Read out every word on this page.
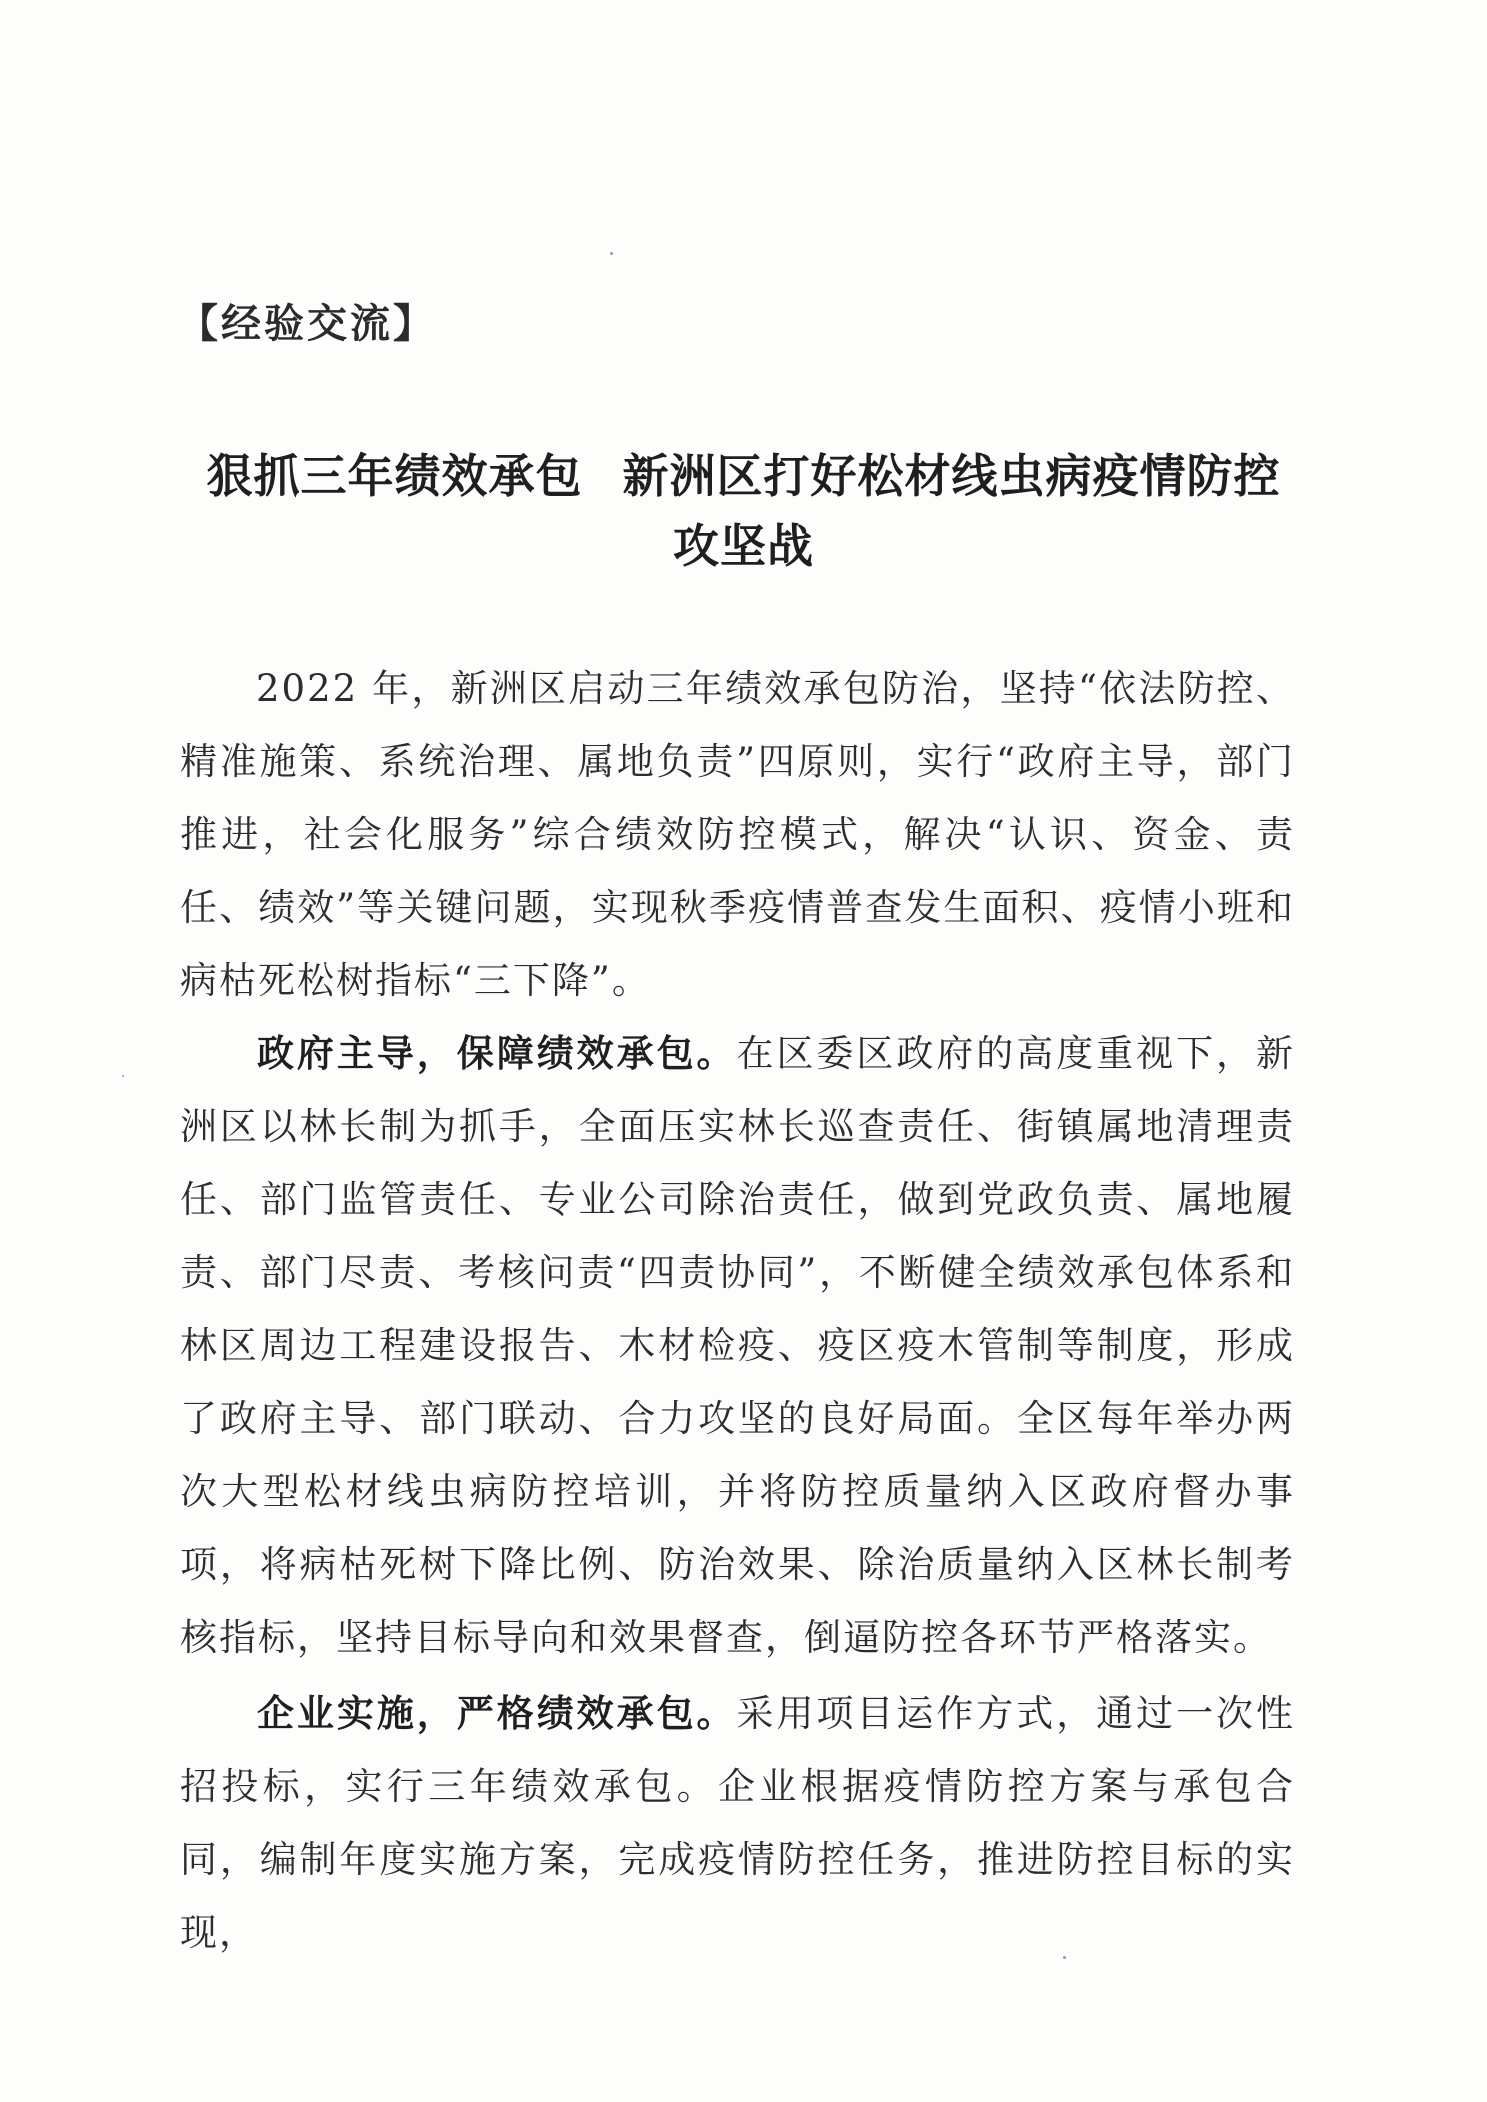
【经验交流】
狠抓三年绩效承包 新洲区打好松材线虫病疫情防控
攻坚战
2022 年，新洲区启动三年绩效承包防治，坚持“依法防控、精准施策、系统治理、属地负责”四原则，实行“政府主导，部门推进，社会化服务”综合绩效防控模式，解决“认识、资金、责任、绩效”等关键问题，实现秋季疫情普查发生面积、疫情小班和病枯死松树指标“三下降”。
政府主导，保障绩效承包。在区委区政府的高度重视下，新洲区以林长制为抓手，全面压实林长巡查责任、街镇属地清理责任、部门监管责任、专业公司除治责任，做到党政负责、属地履责、部门尽责、考核问责“四责协同”，不断健全绩效承包体系和林区周边工程建设报告、木材检疫、疫区疫木管制等制度，形成了政府主导、部门联动、合力攻坚的良好局面。全区每年举办两次大型松材线虫病防控培训，并将防控质量纳入区政府督办事项，将病枯死树下降比例、防治效果、除治质量纳入区林长制考核指标，坚持目标导向和效果督查，倒逼防控各环节严格落实。
企业实施，严格绩效承包。采用项目运作方式，通过一次性招投标，实行三年绩效承包。企业根据疫情防控方案与承包合同，编制年度实施方案，完成疫情防控任务，推进防控目标的实现，
